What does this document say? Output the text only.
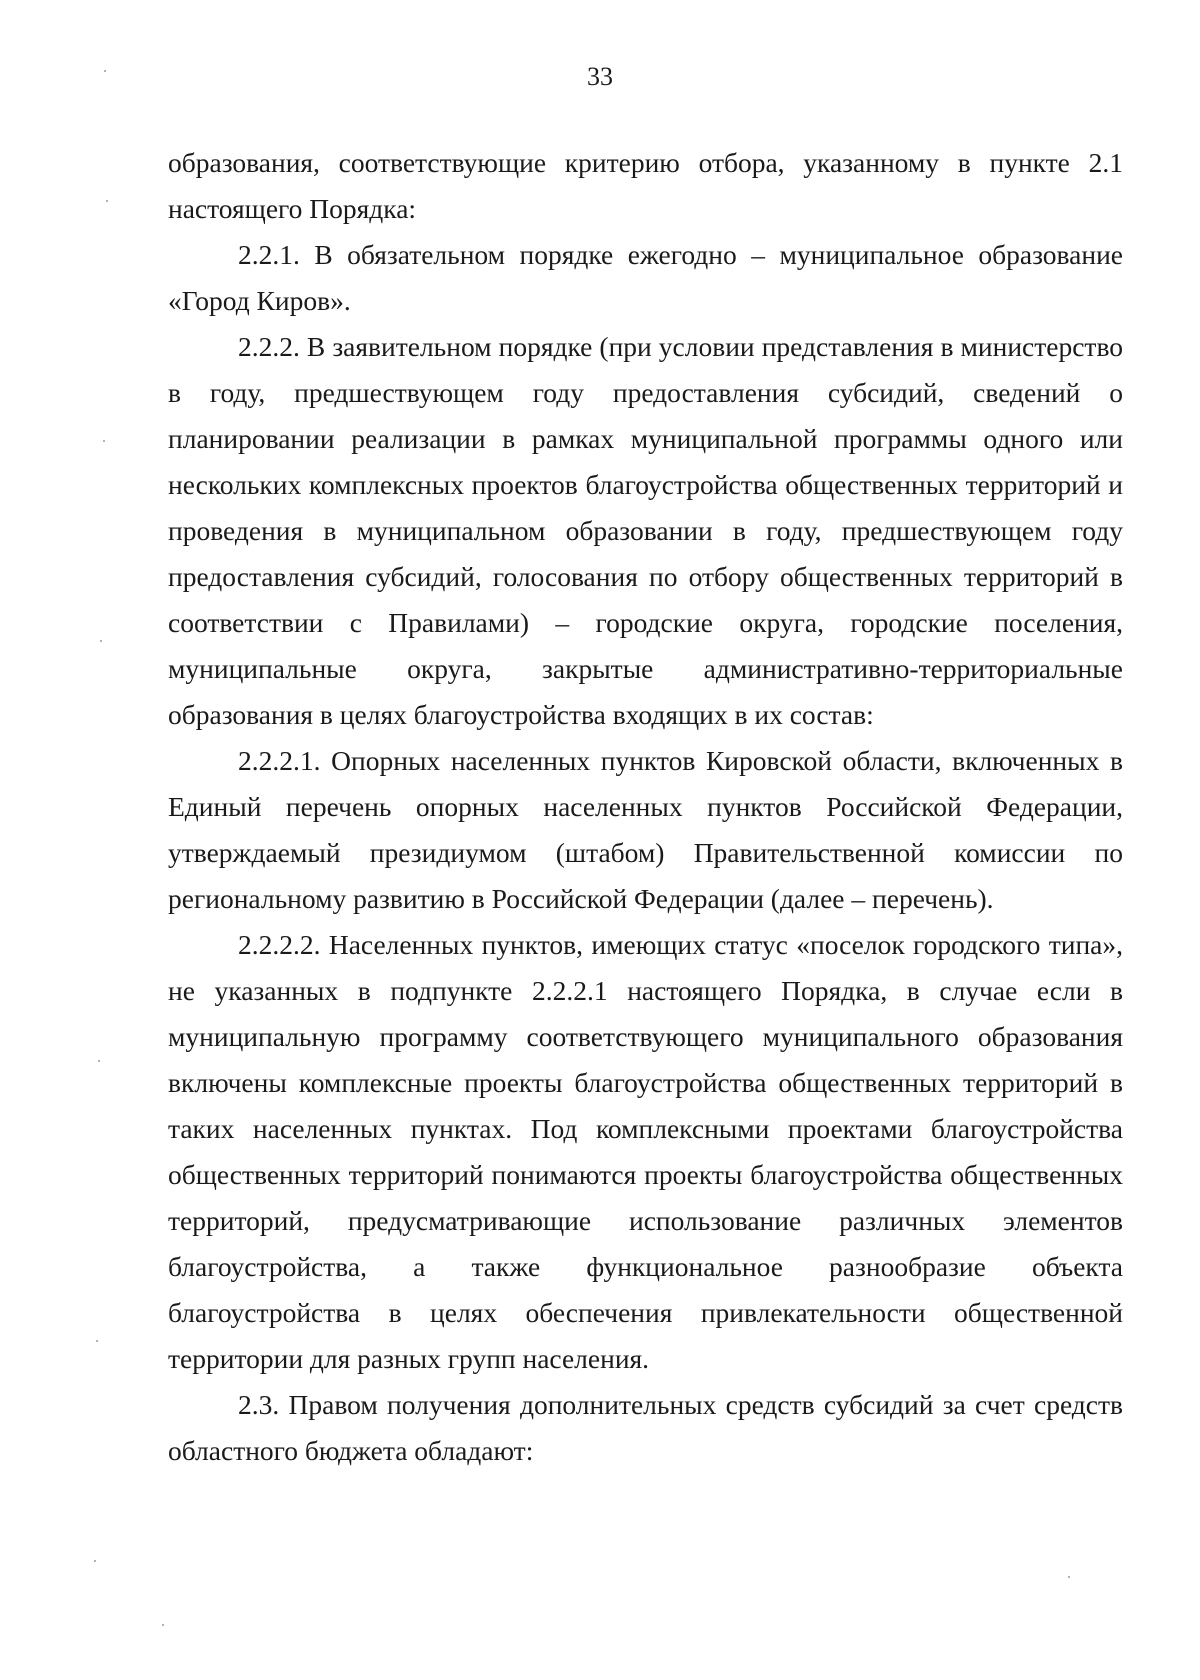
33

образования, соответствующие критерию отбора, указанному в пункте 2.1 настоящего Порядка:

2.2.1. В обязательном порядке ежегодно – муниципальное образование «Город Киров».

2.2.2. В заявительном порядке (при условии представления в министерство в году, предшествующем году предоставления субсидий, сведений о планировании реализации в рамках муниципальной программы одного или нескольких комплексных проектов благоустройства общественных территорий и проведения в муниципальном образовании в году, предшествующем году предоставления субсидий, голосования по отбору общественных территорий в соответствии с Правилами) – городские округа, городские поселения, муниципальные округа, закрытые административно-территориальные образования в целях благоустройства входящих в их состав:

2.2.2.1. Опорных населенных пунктов Кировской области, включенных в Единый перечень опорных населенных пунктов Российской Федерации, утверждаемый президиумом (штабом) Правительственной комиссии по региональному развитию в Российской Федерации (далее – перечень).

2.2.2.2. Населенных пунктов, имеющих статус «поселок городского типа», не указанных в подпункте 2.2.2.1 настоящего Порядка, в случае если в муниципальную программу соответствующего муниципального образования включены комплексные проекты благоустройства общественных территорий в таких населенных пунктах. Под комплексными проектами благоустройства общественных территорий понимаются проекты благоустройства общественных территорий, предусматривающие использование различных элементов благоустройства, а также функциональное разнообразие объекта благоустройства в целях обеспечения привлекательности общественной территории для разных групп населения.

2.3. Правом получения дополнительных средств субсидий за счет средств областного бюджета обладают:
